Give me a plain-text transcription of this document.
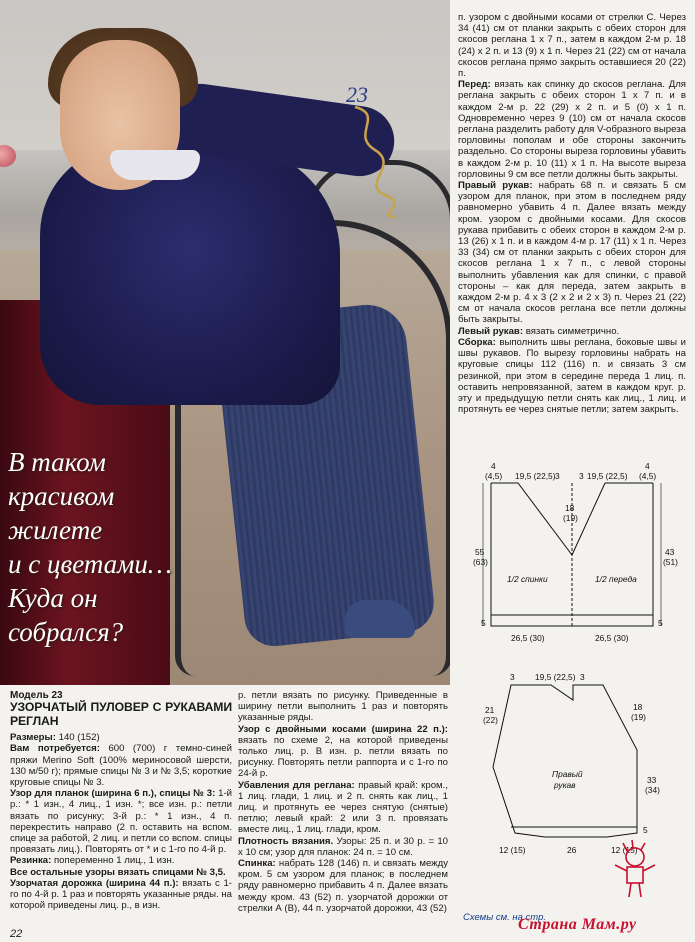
23
В таком
красивом
жилете
и с цветами…
Куда он
собрался?

п. узором с двойными косами от стрелки С. Через 34 (41) см от планки закрыть с обеих сторон для скосов реглана 1 х 7 п., затем в каждом 2-м р. 18 (24) х 2 п. и 13 (9) х 1 п. Через 21 (22) см от начала скосов реглана прямо закрыть оставшиеся 20 (22) п.

Перед: вязать как спинку до скосов реглана. Для реглана закрыть с обеих сторон 1 х 7 п. и в каждом 2-м р. 22 (29) х 2 п. и 5 (0) х 1 п. Одновременно через 9 (10) см от начала скосов реглана разделить работу для V-образного выреза горловины пополам и обе стороны закончить раздельно. Со стороны выреза горловины убавить в каждом 2-м р. 10 (11) х 1 п. На высоте выреза горловины 9 см все петли должны быть закрыты.

Правый рукав: набрать 68 п. и связать 5 см узором для планок, при этом в последнем ряду равномерно убавить 4 п. Далее вязать между кром. узором с двойными косами. Для скосов рукава прибавить с обеих сторон в каждом 2-м р. 13 (26) х 1 п. и в каждом 4-м р. 17 (11) х 1 п. Через 33 (34) см от планки закрыть с обеих сторон для скосов реглана 1 х 7 п., с левой стороны выполнить убавления как для спинки, с правой стороны – как для переда, затем закрыть в каждом 2-м р. 4 х 3 (2 х 2 и 2 х 3) п. Через 21 (22) см от начала скосов реглана все петли должны быть закрыты.

Левый рукав: вязать симметрично.

Сборка: выполнить швы реглана, боковые швы и швы рукавов. По вырезу горловины набрать на круговые спицы 112 (116) п. и связать 3 см резинкой, при этом в середине переда 1 лиц. п. оставить непровязанной, затем в каждом круг. р. эту и предыдущую петли снять как лиц., 1 лиц. и протянуть ее через снятые петли; затем закрыть.

Модель 23
УЗОРЧАТЫЙ ПУЛОВЕР С РУКАВАМИ РЕГЛАН

Размеры: 140 (152)

Вам потребуется: 600 (700) г темно-синей пряжи Merino Soft (100% мериносовой шерсти, 130 м/50 г); прямые спицы № 3 и № 3,5; короткие круговые спицы № 3.

Узор для планок (ширина 6 п.), спицы № 3: 1-й р.: * 1 изн., 4 лиц., 1 изн. *; все изн. р.: петли вязать по рисунку; 3-й р.: * 1 изн., 4 п. перекрестить направо (2 п. оставить на вспом. спице за работой, 2 лиц. и петли со вспом. спицы провязать лиц.). Повторять от * и с 1-го по 4-й р.

Резинка: попеременно 1 лиц., 1 изн.

Все остальные узоры вязать спицами № 3,5.

Узорчатая дорожка (ширина 44 п.): вязать с 1-го по 4-й р. 1 раз и повторять указанные ряды. на которой приведены лиц. р., в изн.

р. петли вязать по рисунку. Приведенные в ширину петли выполнить 1 раз и повторять указанные ряды.

Узор с двойными косами (ширина 22 п.): вязать по схеме 2, на которой приведены только лиц. р. В изн. р. петли вязать по рисунку. Повторять петли раппорта и с 1-го по 24-й р.

Убавления для реглана: правый край: кром., 1 лиц. глади, 1 лиц. и 2 п. снять как лиц., 1 лиц. и протянуть ее через снятую (снятые) петлю; левый край: 2 или 3 п. провязать вместе лиц., 1 лиц. глади, кром.

Плотность вязания. Узоры: 25 п. и 30 р. = 10 х 10 см; узор для планок: 24 п. = 10 см.

Спинка: набрать 128 (146) п. и связать между кром. 5 см узором для планок; в последнем ряду равномерно прибавить 4 п. Далее вязать между кром. 43 (52) п. узорчатой дорожки от стрелки А (В), 44 п. узорчатой дорожки, 43 (52)

4
(4,5) 19,5 (22,5) 3 3 19,5 (22,5)
4
(4,5)
18
(19)
55
(63)
43
(51)
1/2 спинки	1/2 переда
5	5
26,5 (30)	26,5 (30)
3 19,5 (22,5) 3
21
(22)
18
(19)
Правый
рукав	33
(34)
5
12 (15)	26	12 (15)
Схемы см. на стр.
Страна Мам.ру
22
